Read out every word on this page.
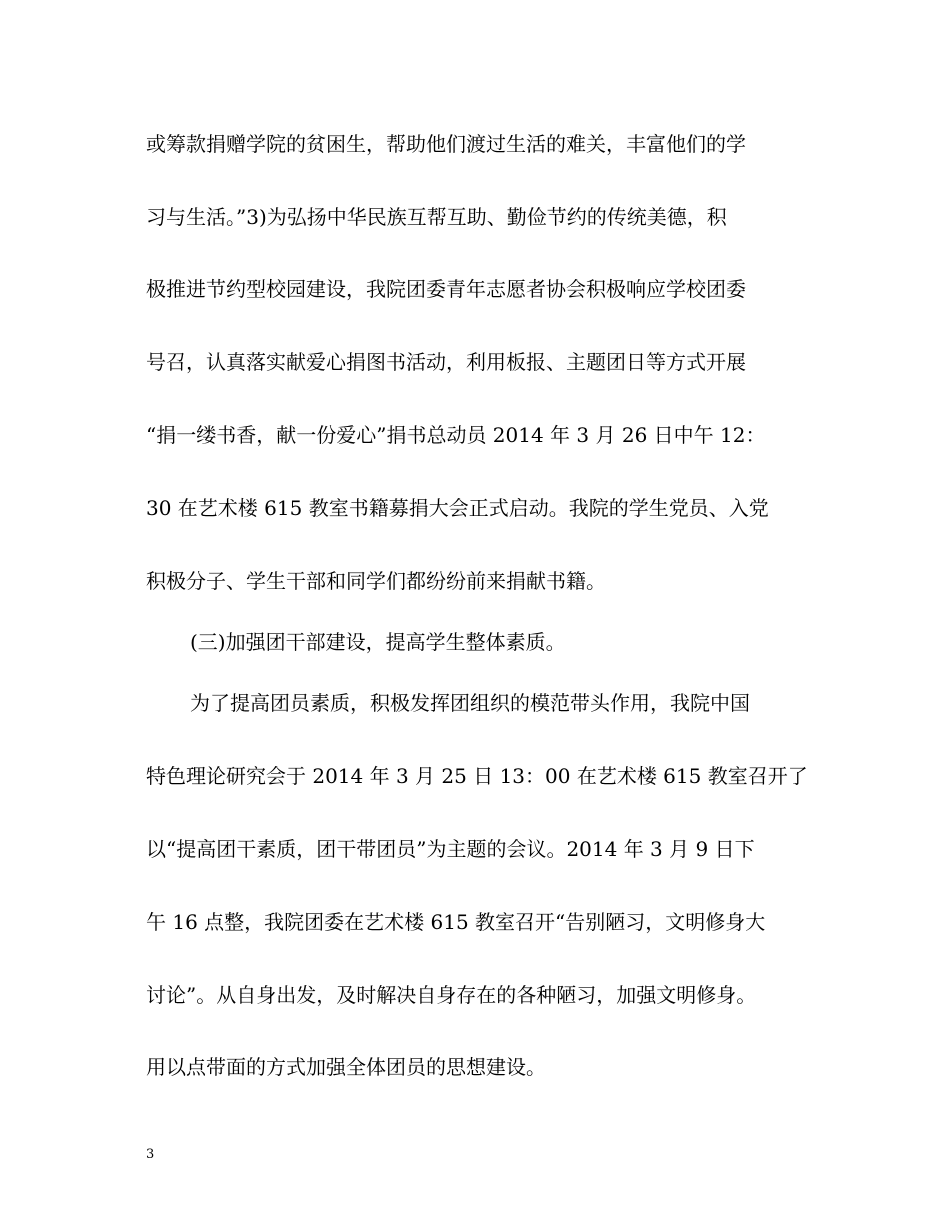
或筹款捐赠学院的贫困生，帮助他们渡过生活的难关，丰富他们的学
习与生活。”3)为弘扬中华民族互帮互助、勤俭节约的传统美德，积
极推进节约型校园建设，我院团委青年志愿者协会积极响应学校团委
号召，认真落实献爱心捐图书活动，利用板报、主题团日等方式开展
“捐一缕书香，献一份爱心”捐书总动员 2014 年 3 月 26 日中午 12：
30 在艺术楼 615 教室书籍募捐大会正式启动。我院的学生党员、入党
积极分子、学生干部和同学们都纷纷前来捐献书籍。
(三)加强团干部建设，提高学生整体素质。
为了提高团员素质，积极发挥团组织的模范带头作用，我院中国
特色理论研究会于 2014 年 3 月 25 日 13：00 在艺术楼 615 教室召开了
以“提高团干素质，团干带团员”为主题的会议。2014 年 3 月 9 日下
午 16 点整，我院团委在艺术楼 615 教室召开“告别陋习，文明修身大
讨论”。从自身出发，及时解决自身存在的各种陋习，加强文明修身。
用以点带面的方式加强全体团员的思想建设。
3
